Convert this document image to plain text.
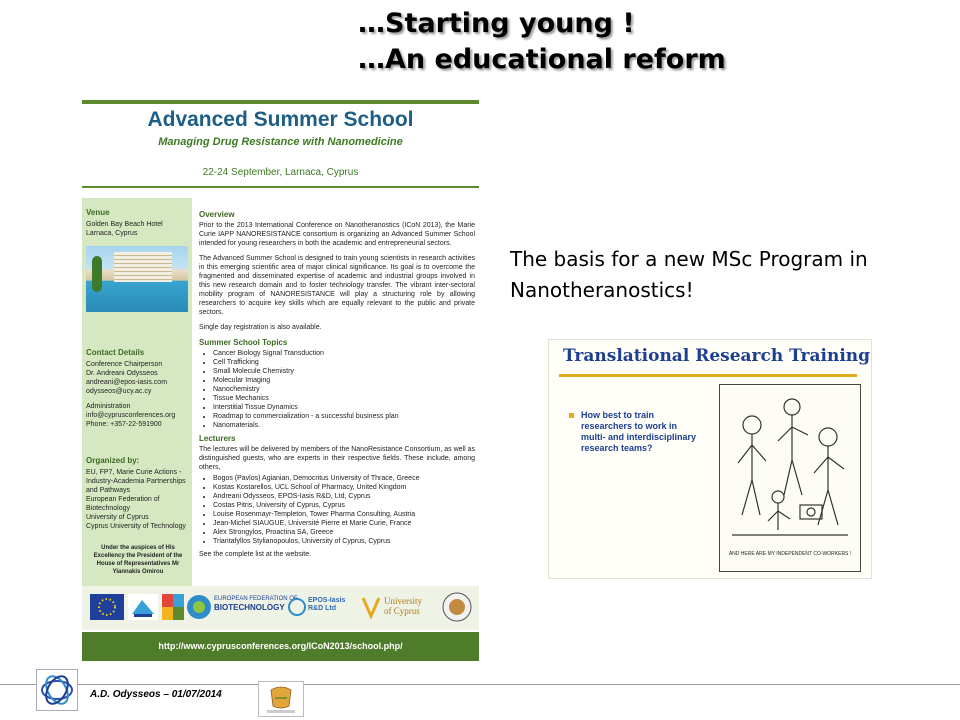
…Starting young !
…An educational reform
Advanced Summer School
Managing Drug Resistance with Nanomedicine
22-24 September, Larnaca, Cyprus
Venue
Golden Bay Beach Hotel
Larnaca, Cyprus
Contact Details
Conference Chairperson
Dr. Andreani Odysseos
andreani@epos-iasis.com
odysseos@ucy.ac.cy
Administration
info@cyprusconferences.org
Phone: +357-22-591900
Organized by:
EU, FP7, Marie Curie Actions - Industry-Academia Partnerships and Pathways
European Federation of Biotechnology
University of Cyprus
Cyprus University of Technology
Under the auspices of His Excellency the President of the House of Representatives Mr Yiannakis Omirou
Overview
Prior to the 2013 International Conference on Nanotheranostics (ICoN 2013), the Marie Curie IAPP NANORESISTANCE consortium is organizing an Advanced Summer School intended for young researchers in both the academic and entrepreneurial sectors.
The Advanced Summer School is designed to train young scientists in research activities in this emerging scientific area of major clinical significance. Its goal is to overcome the fragmented and disseminated expertise of academic and industrial groups involved in this new research domain and to foster technology transfer. The vibrant inter-sectoral mobility program of NANORESISTANCE will play a structuring role by allowing researchers to acquire key skills which are equally relevant to the public and private sectors.
Single day registration is also available.
Summer School Topics
• Cancer Biology Signal Transduction
• Cell Trafficking
• Small Molecule Chemistry
• Molecular Imaging
• Nanochemistry
• Tissue Mechanics
• Interstitial Tissue Dynamics
• Roadmap to commercialization - a successful business plan
• Nanomaterials.
Lecturers
The lectures will be delivered by members of the NanoResistance Consortium, as well as distinguished guests, who are experts in their respective fields. These include, among others,
• Bogos (Pavlos) Agianian, Democritus University of Thrace, Greece
• Kostas Kostarellos, UCL School of Pharmacy, United Kingdom
• Andreani Odysseos, EPOS-Iasis R&D, Ltd, Cyprus
• Costas Pitris, University of Cyprus, Cyprus
• Louise Rosenmayr-Templeton, Tower Pharma Consulting, Austria
• Jean-Michel SIAUGUE, Université Pierre et Marie Curie, France
• Alex Strongylos, Proactina SA, Greece
• Triantafyllos Stylianopoulos, University of Cyprus, Cyprus
See the complete list at the website.
EUROPEAN FEDERATION OF
BIOTECHNOLOGY
EPOS-Iasis
R&D Ltd
University
of Cyprus
http://www.cyprusconferences.org/ICoN2013/school.php/
The basis for a new MSc Program in Nanotheranostics!
Translational Research Training
How best to train researchers to work in multi- and interdisciplinary research teams?
AND HERE ARE MY INDEPENDENT CO-WORKERS !
A.D. Odysseos – 01/07/2014
